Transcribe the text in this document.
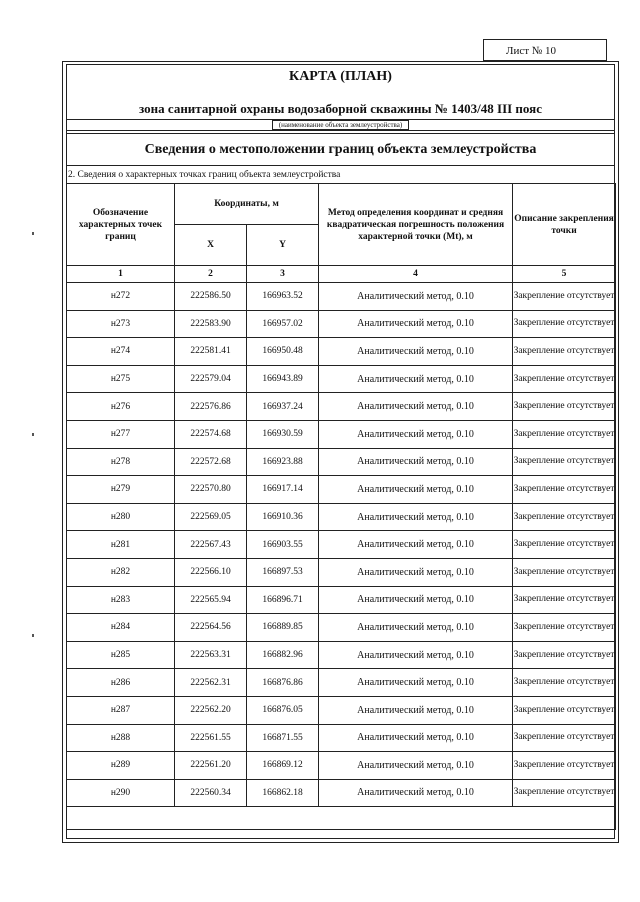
Лист № 10
КАРТА (ПЛАН)
зона санитарной охраны водозаборной скважины № 1403/48 III пояс
(наименование объекта землеустройства)
Сведения о местоположении границ объекта землеустройства
2. Сведения о характерных точках границ объекта землеустройства
Обозначение характерных точек границ	Координаты, м		Метод определения координат и средняя квадратическая погрешность положения характерной точки (Mt), м	Описание закрепления точки
	X	Y		
1	2	3	4	5
н272	222586.50	166963.52	Аналитический метод, 0.10	Закрепление отсутствует
н273	222583.90	166957.02	Аналитический метод, 0.10	Закрепление отсутствует
н274	222581.41	166950.48	Аналитический метод, 0.10	Закрепление отсутствует
н275	222579.04	166943.89	Аналитический метод, 0.10	Закрепление отсутствует
н276	222576.86	166937.24	Аналитический метод, 0.10	Закрепление отсутствует
н277	222574.68	166930.59	Аналитический метод, 0.10	Закрепление отсутствует
н278	222572.68	166923.88	Аналитический метод, 0.10	Закрепление отсутствует
н279	222570.80	166917.14	Аналитический метод, 0.10	Закрепление отсутствует
н280	222569.05	166910.36	Аналитический метод, 0.10	Закрепление отсутствует
н281	222567.43	166903.55	Аналитический метод, 0.10	Закрепление отсутствует
н282	222566.10	166897.53	Аналитический метод, 0.10	Закрепление отсутствует
н283	222565.94	166896.71	Аналитический метод, 0.10	Закрепление отсутствует
н284	222564.56	166889.85	Аналитический метод, 0.10	Закрепление отсутствует
н285	222563.31	166882.96	Аналитический метод, 0.10	Закрепление отсутствует
н286	222562.31	166876.86	Аналитический метод, 0.10	Закрепление отсутствует
н287	222562.20	166876.05	Аналитический метод, 0.10	Закрепление отсутствует
н288	222561.55	166871.55	Аналитический метод, 0.10	Закрепление отсутствует
н289	222561.20	166869.12	Аналитический метод, 0.10	Закрепление отсутствует
н290	222560.34	166862.18	Аналитический метод, 0.10	Закрепление отсутствует
